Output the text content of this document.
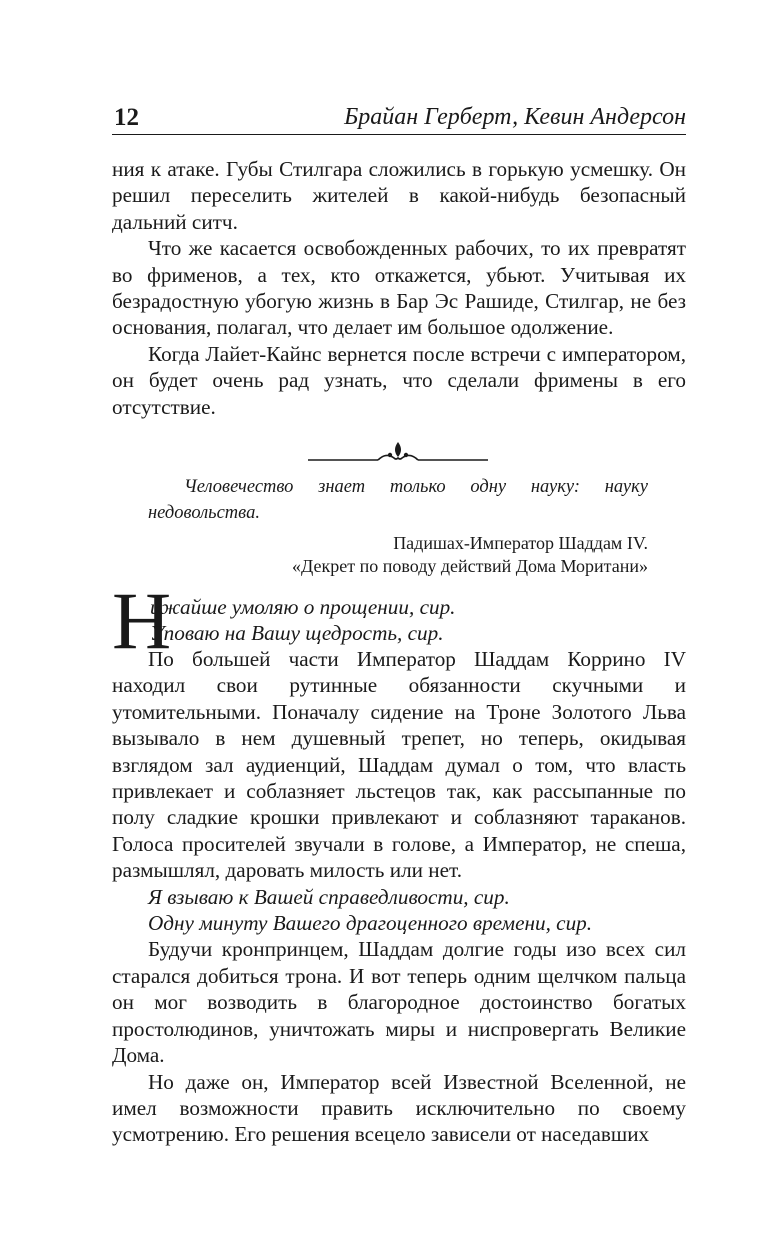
12	Брайан Герберт, Кевин Андерсон

ния к атаке. Губы Стилгара сложились в горькую усмешку. Он решил переселить жителей в какой-нибудь безопасный дальний ситч.

Что же касается освобожденных рабочих, то их превратят во фрименов, а тех, кто откажется, убьют. Учитывая их безрадостную убогую жизнь в Бар Эс Рашиде, Стилгар, не без основания, полагал, что делает им большое одолжение.

Когда Лайет-Кайнс вернется после встречи с императором, он будет очень рад узнать, что сделали фримены в его отсутствие.

Человечество знает только одну науку: науку недовольства.

Падишах-Император Шаддам IV.

«Декрет по поводу действий Дома Моритани»

Н
ижайше умоляю о прощении, сир.
Уповаю на Вашу щедрость, сир.

По большей части Император Шаддам Коррино IV находил свои рутинные обязанности скучными и утомительными. Поначалу сидение на Троне Золотого Льва вызывало в нем душевный трепет, но теперь, окидывая взглядом зал аудиенций, Шаддам думал о том, что власть привлекает и соблазняет льстецов так, как рассыпанные по полу сладкие крошки привлекают и соблазняют тараканов. Голоса просителей звучали в голове, а Император, не спеша, размышлял, даровать милость или нет.

Я взываю к Вашей справедливости, сир.

Одну минуту Вашего драгоценного времени, сир.

Будучи кронпринцем, Шаддам долгие годы изо всех сил старался добиться трона. И вот теперь одним щелчком пальца он мог возводить в благородное достоинство богатых простолюдинов, уничтожать миры и ниспровергать Великие Дома.

Но даже он, Император всей Известной Вселенной, не имел возможности править исключительно по своему усмотрению. Его решения всецело зависели от наседавших
